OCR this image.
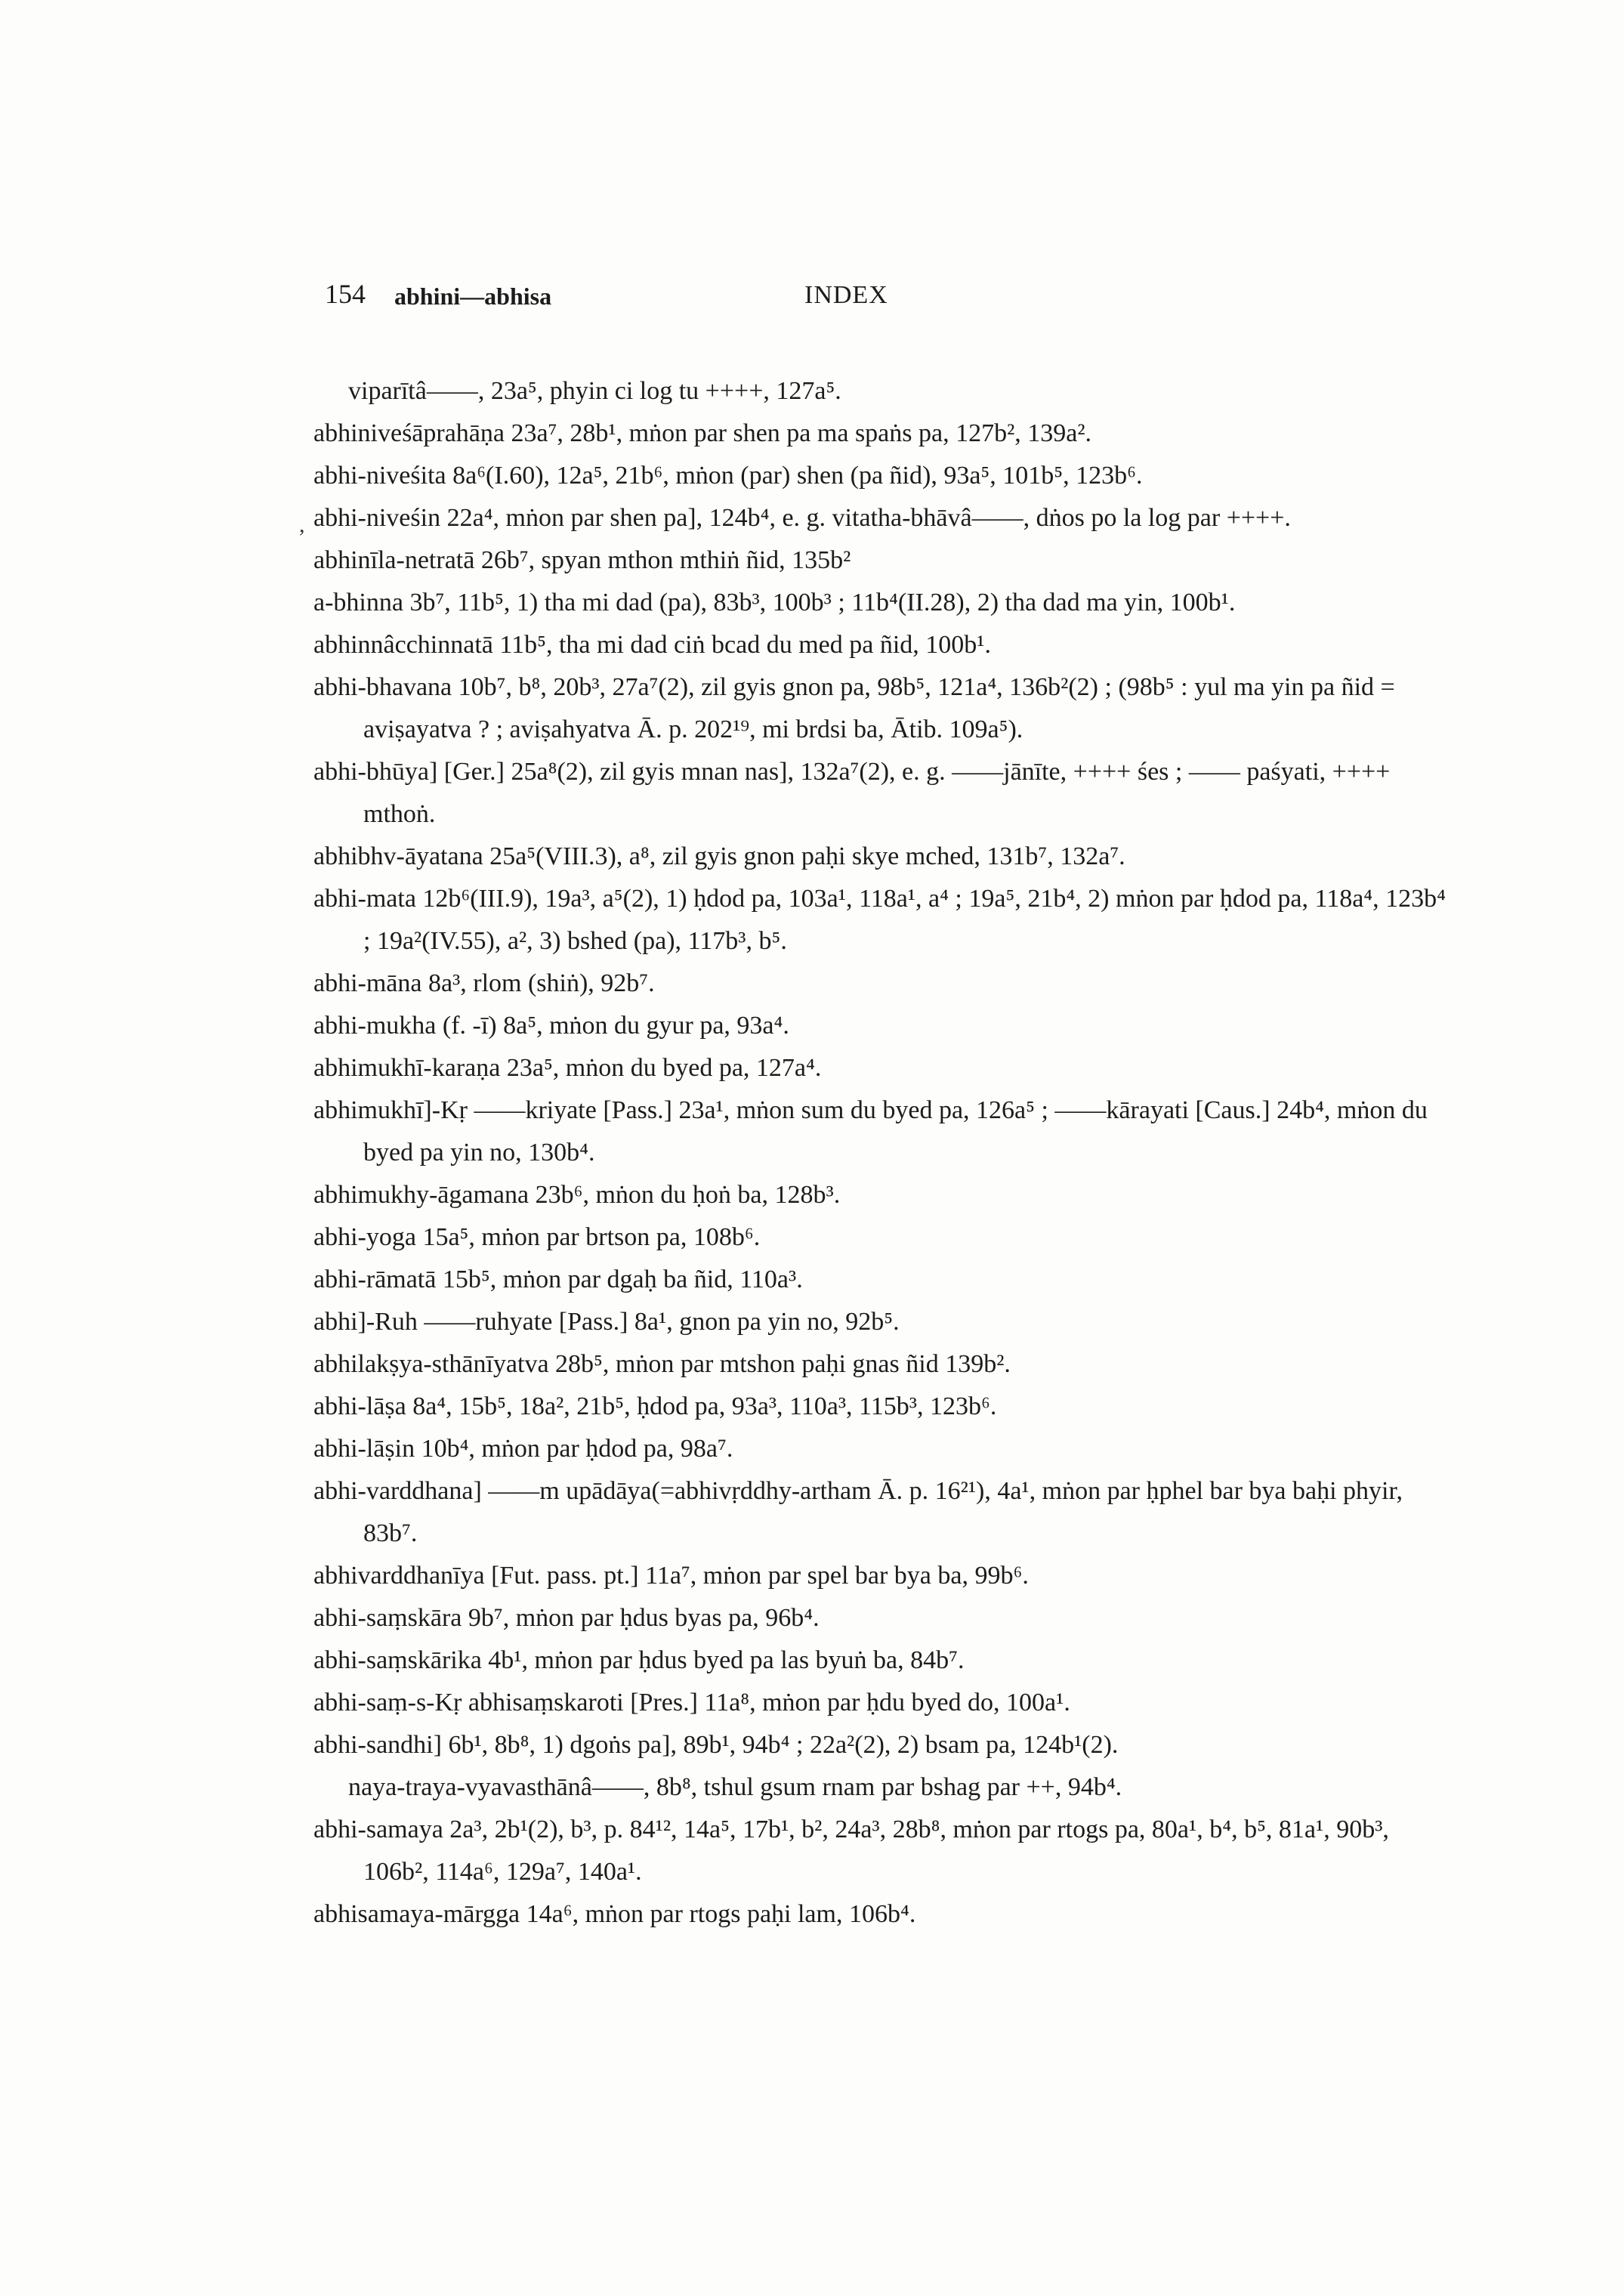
154 abhini—abhisa	INDEX
,
viparītâ——, 23a⁵, phyin ci log tu ++++, 127a⁵.
abhiniveśāprahāṇa 23a⁷, 28b¹, mṅon par shen pa ma spaṅs pa, 127b², 139a².
abhi-niveśita 8a⁶(I.60), 12a⁵, 21b⁶, mṅon (par) shen (pa ñid), 93a⁵, 101b⁵, 123b⁶.
abhi-niveśin 22a⁴, mṅon par shen pa], 124b⁴, e. g. vitatha-bhāvâ——, dṅos po la log par ++++.
abhinīla-netratā 26b⁷, spyan mthon mthiṅ ñid, 135b²
a-bhinna 3b⁷, 11b⁵, 1) tha mi dad (pa), 83b³, 100b³ ; 11b⁴(II.28), 2) tha dad ma yin, 100b¹.
abhinnâcchinnatā 11b⁵, tha mi dad ciṅ bcad du med pa ñid, 100b¹.
abhi-bhavana 10b⁷, b⁸, 20b³, 27a⁷(2), zil gyis gnon pa, 98b⁵, 121a⁴, 136b²(2) ; (98b⁵ : yul ma yin pa ñid = aviṣayatva ? ; aviṣahyatva Ā. p. 202¹⁹, mi brdsi ba, Ātib. 109a⁵).
abhi-bhūya] [Ger.] 25a⁸(2), zil gyis mnan nas], 132a⁷(2), e. g. ——jānīte, ++++ śes ; —— paśyati, ++++ mthoṅ.
abhibhv-āyatana 25a⁵(VIII.3), a⁸, zil gyis gnon paḥi skye mched, 131b⁷, 132a⁷.
abhi-mata 12b⁶(III.9), 19a³, a⁵(2), 1) ḥdod pa, 103a¹, 118a¹, a⁴ ; 19a⁵, 21b⁴, 2) mṅon par ḥdod pa, 118a⁴, 123b⁴ ; 19a²(IV.55), a², 3) bshed (pa), 117b³, b⁵.
abhi-māna 8a³, rlom (shiṅ), 92b⁷.
abhi-mukha (f. -ī) 8a⁵, mṅon du gyur pa, 93a⁴.
abhimukhī-karaṇa 23a⁵, mṅon du byed pa, 127a⁴.
abhimukhī]-Kṛ ——kriyate [Pass.] 23a¹, mṅon sum du byed pa, 126a⁵ ; ——kārayati [Caus.] 24b⁴, mṅon du byed pa yin no, 130b⁴.
abhimukhy-āgamana 23b⁶, mṅon du ḥoṅ ba, 128b³.
abhi-yoga 15a⁵, mṅon par brtson pa, 108b⁶.
abhi-rāmatā 15b⁵, mṅon par dgaḥ ba ñid, 110a³.
abhi]-Ruh ——ruhyate [Pass.] 8a¹, gnon pa yin no, 92b⁵.
abhilakṣya-sthānīyatva 28b⁵, mṅon par mtshon paḥi gnas ñid 139b².
abhi-lāṣa 8a⁴, 15b⁵, 18a², 21b⁵, ḥdod pa, 93a³, 110a³, 115b³, 123b⁶.
abhi-lāṣin 10b⁴, mṅon par ḥdod pa, 98a⁷.
abhi-varddhana] ——m upādāya(=abhivṛddhy-artham Ā. p. 16²¹), 4a¹, mṅon par ḥphel bar bya baḥi phyir, 83b⁷.
abhivarddhanīya [Fut. pass. pt.] 11a⁷, mṅon par spel bar bya ba, 99b⁶.
abhi-saṃskāra 9b⁷, mṅon par ḥdus byas pa, 96b⁴.
abhi-saṃskārika 4b¹, mṅon par ḥdus byed pa las byuṅ ba, 84b⁷.
abhi-saṃ-s-Kṛ abhisaṃskaroti [Pres.] 11a⁸, mṅon par ḥdu byed do, 100a¹.
abhi-sandhi] 6b¹, 8b⁸, 1) dgoṅs pa], 89b¹, 94b⁴ ; 22a²(2), 2) bsam pa, 124b¹(2).
naya-traya-vyavasthānâ——, 8b⁸, tshul gsum rnam par bshag par ++, 94b⁴.
abhi-samaya 2a³, 2b¹(2), b³, p. 84¹², 14a⁵, 17b¹, b², 24a³, 28b⁸, mṅon par rtogs pa, 80a¹, b⁴, b⁵, 81a¹, 90b³, 106b², 114a⁶, 129a⁷, 140a¹.
abhisamaya-mārgga 14a⁶, mṅon par rtogs paḥi lam, 106b⁴.
